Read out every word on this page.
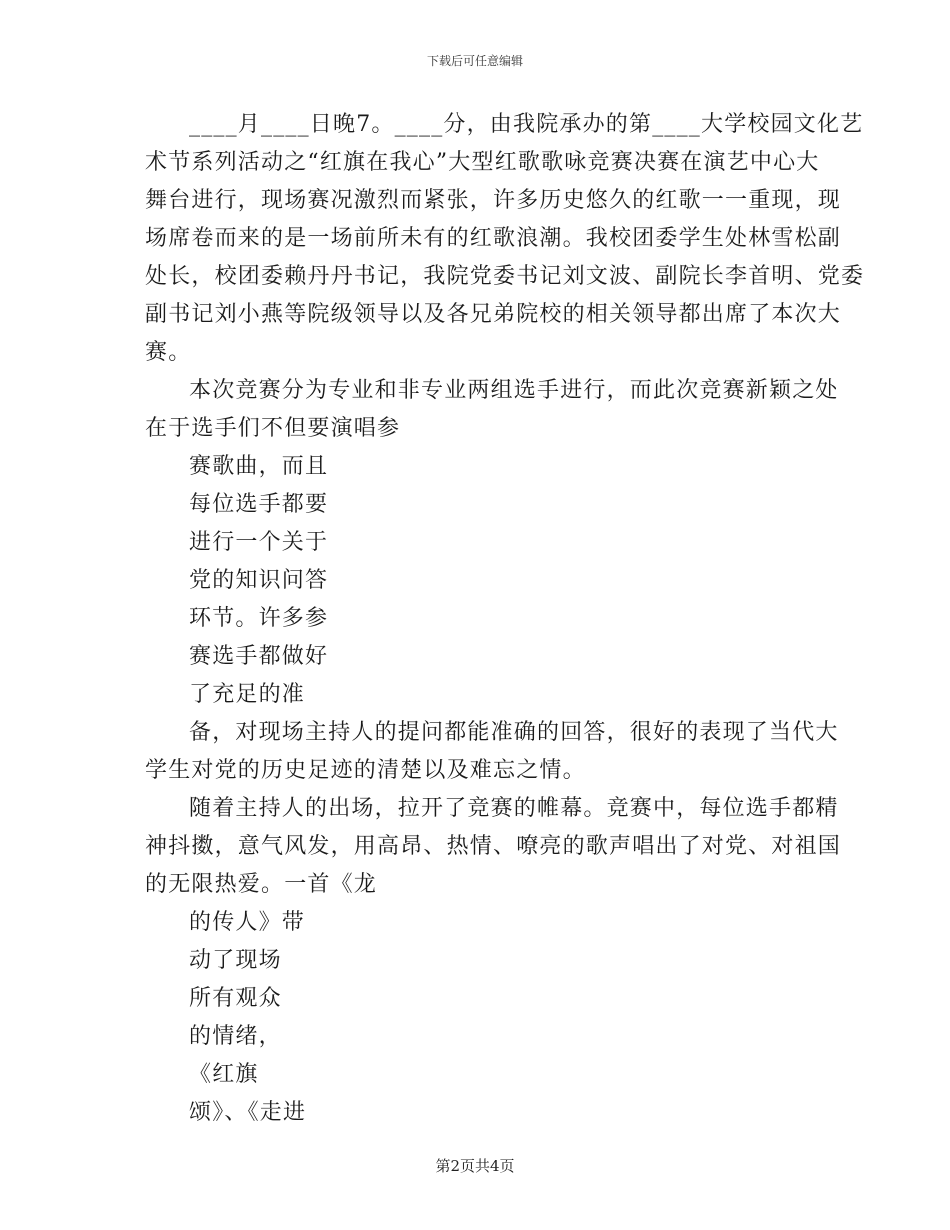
下载后可任意编辑
____月____日晚7。____分，由我院承办的第____大学校园文化艺
术节系列活动之“红旗在我心”大型红歌歌咏竞赛决赛在演艺中心大
舞台进行，现场赛况激烈而紧张，许多历史悠久的红歌一一重现，现
场席卷而来的是一场前所未有的红歌浪潮。我校团委学生处林雪松副
处长，校团委赖丹丹书记，我院党委书记刘文波、副院长李首明、党委
副书记刘小燕等院级领导以及各兄弟院校的相关领导都出席了本次大
赛。
本次竞赛分为专业和非专业两组选手进行，而此次竞赛新颖之处
在于选手们不但要演唱参
赛歌曲，而且
每位选手都要
进行一个关于
党的知识问答
环节。许多参
赛选手都做好
了充足的准
备，对现场主持人的提问都能准确的回答，很好的表现了当代大
学生对党的历史足迹的清楚以及难忘之情。
随着主持人的出场，拉开了竞赛的帷幕。竞赛中，每位选手都精
神抖擞，意气风发，用高昂、热情、嘹亮的歌声唱出了对党、对祖国
的无限热爱。一首《龙
的传人》带
动了现场
所有观众
的情绪，
《红旗
颂》、《走进
第2页共4页
